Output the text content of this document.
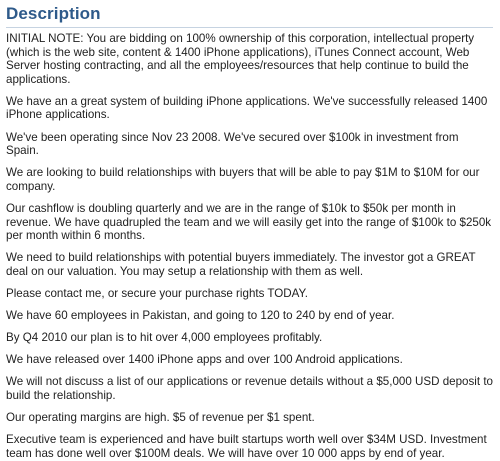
Description

INITIAL NOTE: You are bidding on 100% ownership of this corporation, intellectual property (which is the web site, content & 1400 iPhone applications), iTunes Connect account, Web Server hosting contracting, and all the employees/resources that help continue to build the applications.

We have an a great system of building iPhone applications. We've successfully released 1400 iPhone applications.

We've been operating since Nov 23 2008. We've secured over $100k in investment from Spain.

We are looking to build relationships with buyers that will be able to pay $1M to $10M for our company.

Our cashflow is doubling quarterly and we are in the range of $10k to $50k per month in revenue. We have quadrupled the team and we will easily get into the range of $100k to $250k per month within 6 months.

We need to build relationships with potential buyers immediately. The investor got a GREAT deal on our valuation. You may setup a relationship with them as well.

Please contact me, or secure your purchase rights TODAY.

We have 60 employees in Pakistan, and going to 120 to 240 by end of year.

By Q4 2010 our plan is to hit over 4,000 employees profitably.

We have released over 1400 iPhone apps and over 100 Android applications.

We will not discuss a list of our applications or revenue details without a $5,000 USD deposit to build the relationship.

Our operating margins are high. $5 of revenue per $1 spent.

Executive team is experienced and have built startups worth well over $34M USD. Investment team has done well over $100M deals. We will have over 10 000 apps by end of year.
